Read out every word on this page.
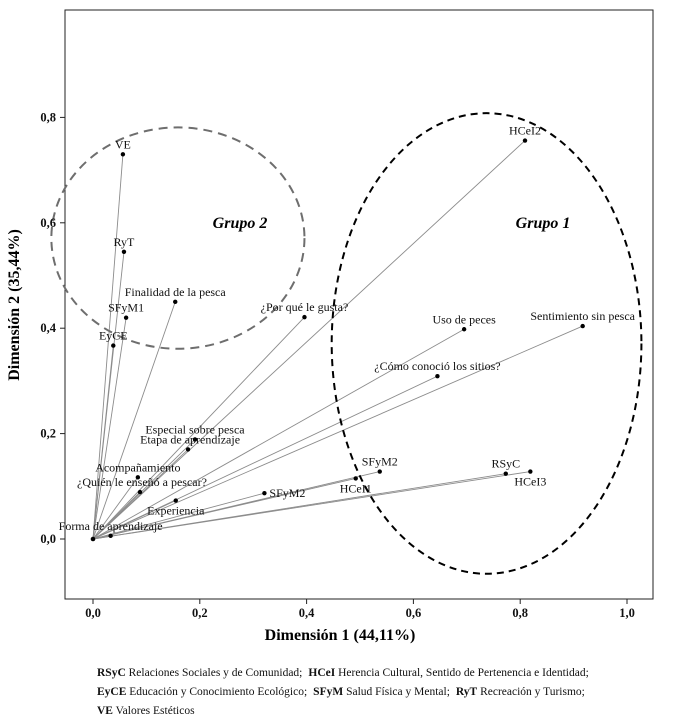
Grupo 2	Grupo 1
VE
RyT
SFyM1
EyCE
Finalidad de la pesca
¿Por qué le gusta?
HCeI2
Uso de peces	Sentimiento sin pesca
¿Cómo conoció los sitios?
Especial sobre pesca
Etapa de aprendizaje
Acompañamiento
¿Quién le enseñó a pescar?
SFyM2
HCeI1
SFyM2
Experiencia
RSyC
HCeI3
Forma de aprendizaje
0,0	0,2	0,4	0,6	0,8	1,0
0,0
0,2
0,4
0,6
0,8
Dimensión 1 (44,11%)
Dimensión 2 (35,44%)
RSyC Relaciones Sociales y de Comunidad; HCeI Herencia Cultural, Sentido de Pertenencia e Identidad;
EyCE Educación y Conocimiento Ecológico; SFyM Salud Física y Mental; RyT Recreación y Turismo;
VE Valores Estéticos
